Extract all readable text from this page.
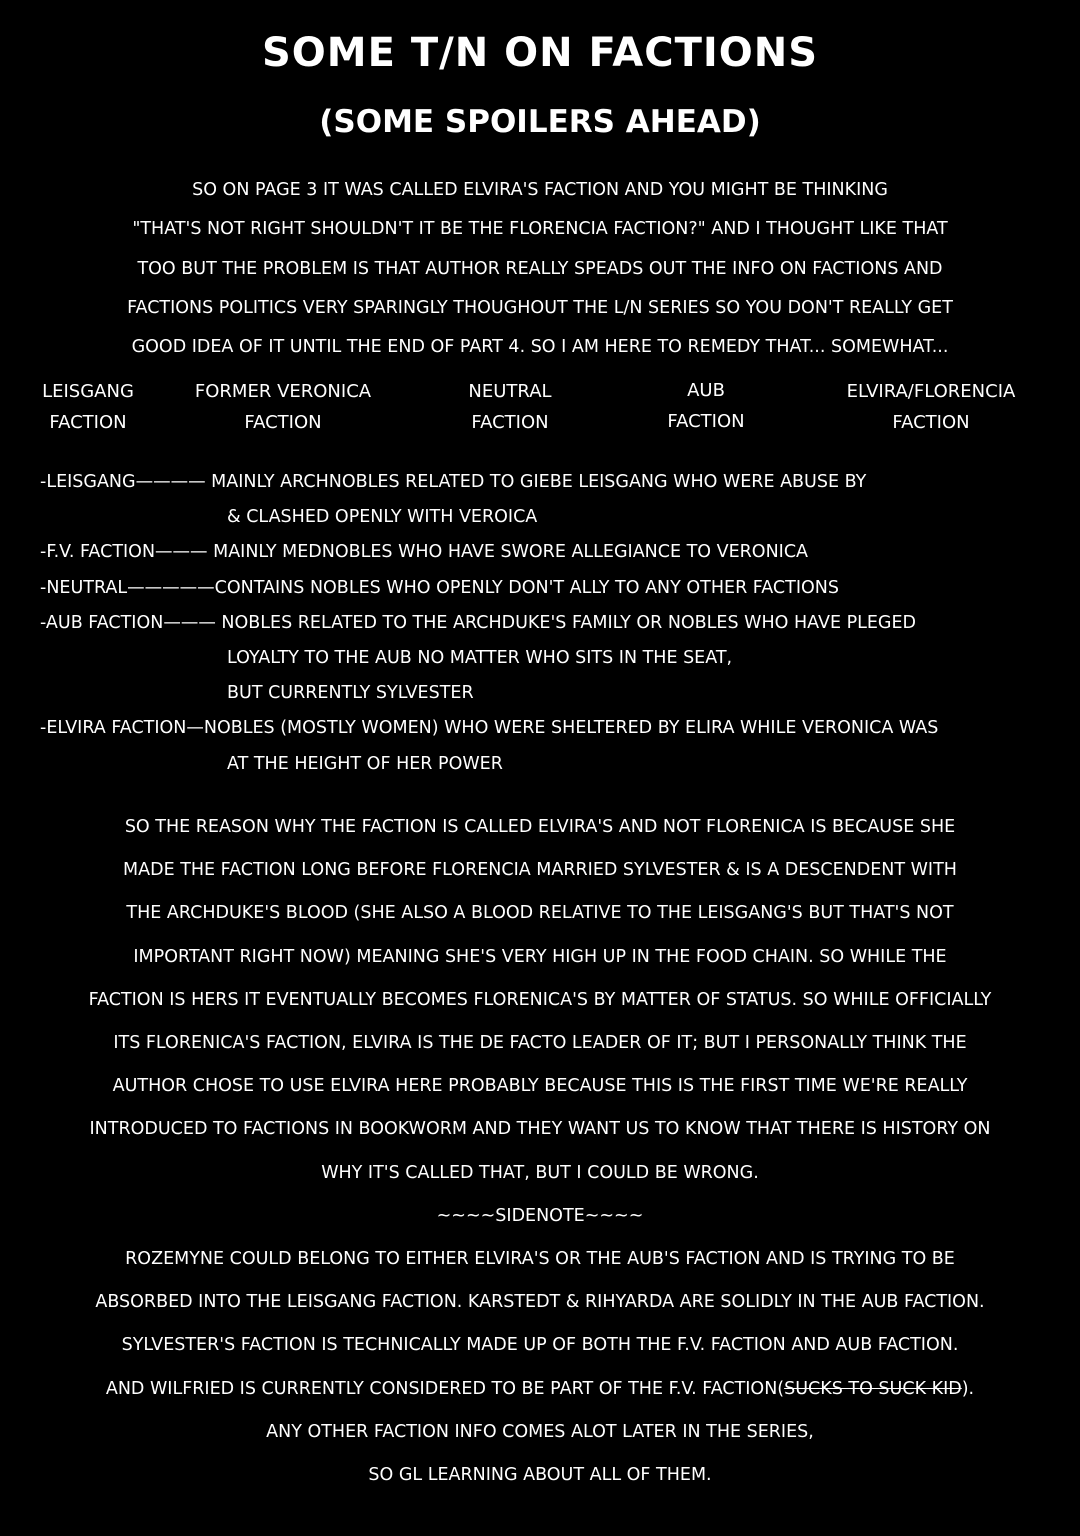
SOME T/N ON FACTIONS
(SOME SPOILERS AHEAD)
SO ON PAGE 3 IT WAS CALLED ELVIRA'S FACTION AND YOU MIGHT BE THINKING
"THAT'S NOT RIGHT SHOULDN'T IT BE THE FLORENCIA FACTION?" AND I THOUGHT LIKE THAT
TOO BUT THE PROBLEM IS THAT AUTHOR REALLY SPEADS OUT THE INFO ON FACTIONS AND
FACTIONS POLITICS VERY SPARINGLY THOUGHOUT THE L/N SERIES SO YOU DON'T REALLY GET
GOOD IDEA OF IT UNTIL THE END OF PART 4. SO I AM HERE TO REMEDY THAT... SOMEWHAT...
LEISGANG
FACTION
FORMER VERONICA
FACTION
NEUTRAL
FACTION
AUB
FACTION
ELVIRA/FLORENCIA
FACTION
-LEISGANG———— MAINLY ARCHNOBLES RELATED TO GIEBE LEISGANG WHO WERE ABUSE BY
& CLASHED OPENLY WITH VEROICA
-F.V. FACTION——— MAINLY MEDNOBLES WHO HAVE SWORE ALLEGIANCE TO VERONICA
-NEUTRAL—————CONTAINS NOBLES WHO OPENLY DON'T ALLY TO ANY OTHER FACTIONS
-AUB FACTION——— NOBLES RELATED TO THE ARCHDUKE'S FAMILY OR NOBLES WHO HAVE PLEGED
LOYALTY TO THE AUB NO MATTER WHO SITS IN THE SEAT,
BUT CURRENTLY SYLVESTER
-ELVIRA FACTION—NOBLES (MOSTLY WOMEN) WHO WERE SHELTERED BY ELIRA WHILE VERONICA WAS
AT THE HEIGHT OF HER POWER
SO THE REASON WHY THE FACTION IS CALLED ELVIRA'S AND NOT FLORENICA IS BECAUSE SHE
MADE THE FACTION LONG BEFORE FLORENCIA MARRIED SYLVESTER & IS A DESCENDENT WITH
THE ARCHDUKE'S BLOOD (SHE ALSO A BLOOD RELATIVE TO THE LEISGANG'S BUT THAT'S NOT
IMPORTANT RIGHT NOW) MEANING SHE'S VERY HIGH UP IN THE FOOD CHAIN. SO WHILE THE
FACTION IS HERS IT EVENTUALLY BECOMES FLORENICA'S BY MATTER OF STATUS. SO WHILE OFFICIALLY
ITS FLORENICA'S FACTION, ELVIRA IS THE DE FACTO LEADER OF IT; BUT I PERSONALLY THINK THE
AUTHOR CHOSE TO USE ELVIRA HERE PROBABLY BECAUSE THIS IS THE FIRST TIME WE'RE REALLY
INTRODUCED TO FACTIONS IN BOOKWORM AND THEY WANT US TO KNOW THAT THERE IS HISTORY ON
WHY IT'S CALLED THAT, BUT I COULD BE WRONG.
~~~~SIDENOTE~~~~
ROZEMYNE COULD BELONG TO EITHER ELVIRA'S OR THE AUB'S FACTION AND IS TRYING TO BE
ABSORBED INTO THE LEISGANG FACTION. KARSTEDT & RIHYARDA ARE SOLIDLY IN THE AUB FACTION.
SYLVESTER'S FACTION IS TECHNICALLY MADE UP OF BOTH THE F.V. FACTION AND AUB FACTION.
AND WILFRIED IS CURRENTLY CONSIDERED TO BE PART OF THE F.V. FACTION(SUCKS TO SUCK KID).
ANY OTHER FACTION INFO COMES ALOT LATER IN THE SERIES,
SO GL LEARNING ABOUT ALL OF THEM.
